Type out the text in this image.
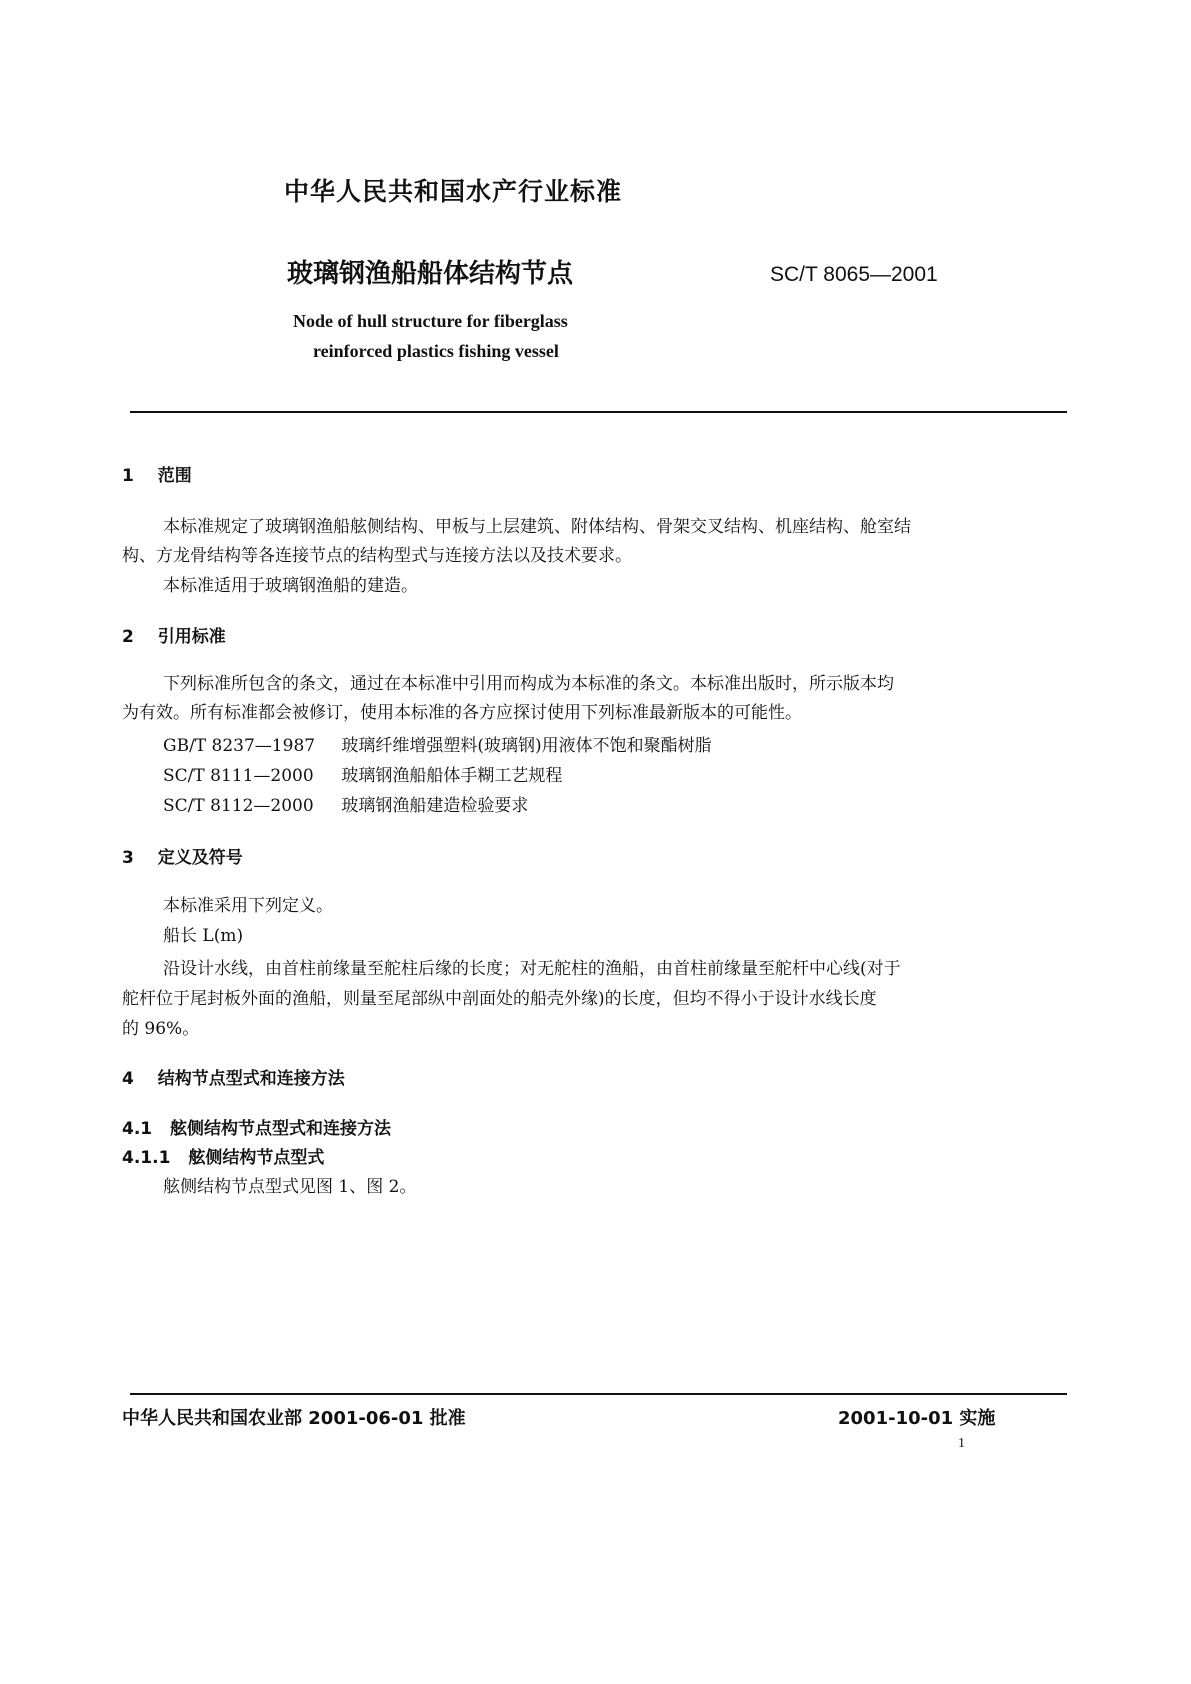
中华人民共和国水产行业标准
玻璃钢渔船船体结构节点	SC/T 8065—2001
Node of hull structure for fiberglass
reinforced plastics fishing vessel
1 范围
本标准规定了玻璃钢渔船舷侧结构、甲板与上层建筑、附体结构、骨架交叉结构、机座结构、舱室结
构、方龙骨结构等各连接节点的结构型式与连接方法以及技术要求。
本标准适用于玻璃钢渔船的建造。
2 引用标准
下列标准所包含的条文，通过在本标准中引用而构成为本标准的条文。本标准出版时，所示版本均
为有效。所有标准都会被修订，使用本标准的各方应探讨使用下列标准最新版本的可能性。
GB/T 8237—1987 玻璃纤维增强塑料(玻璃钢)用液体不饱和聚酯树脂
SC/T 8111—2000 玻璃钢渔船船体手糊工艺规程
SC/T 8112—2000 玻璃钢渔船建造检验要求
3 定义及符号
本标准采用下列定义。
船长 L(m)
沿设计水线，由首柱前缘量至舵柱后缘的长度；对无舵柱的渔船，由首柱前缘量至舵杆中心线(对于
舵杆位于尾封板外面的渔船，则量至尾部纵中剖面处的船壳外缘)的长度，但均不得小于设计水线长度
的 96%。
4 结构节点型式和连接方法
4.1 舷侧结构节点型式和连接方法
4.1.1 舷侧结构节点型式
舷侧结构节点型式见图 1、图 2。
中华人民共和国农业部 2001-06-01 批准	2001-10-01 实施
1
